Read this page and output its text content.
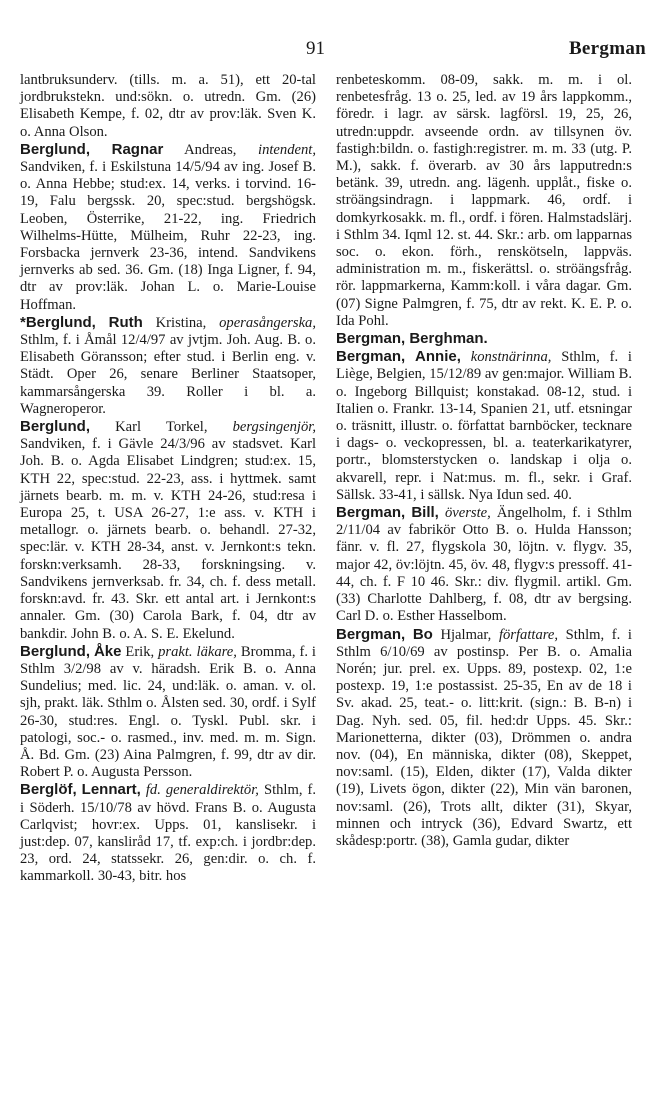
91	Bergman

lantbruksunderv. (tills. m. a. 51), ett 20-tal jordbrukstekn. und:sökn. o. utredn. Gm. (26) Elisabeth Kempe, f. 02, dtr av prov:läk. Sven K. o. Anna Olson.

Berglund, Ragnar Andreas, intendent, Sandviken, f. i Eskilstuna 14/5/94 av ing. Josef B. o. Anna Hebbe; stud:ex. 14, verks. i torvind. 16-19, Falu bergssk. 20, spec:stud. bergshögsk. Leoben, Österrike, 21-22, ing. Friedrich Wilhelms-Hütte, Mülheim, Ruhr 22-23, ing. Forsbacka jernverk 23-36, intend. Sandvikens jernverks ab sed. 36. Gm. (18) Inga Ligner, f. 94, dtr av prov:läk. Johan L. o. Marie-Louise Hoffman.

*Berglund, Ruth Kristina, operasångerska, Sthlm, f. i Åmål 12/4/97 av jvtjm. Joh. Aug. B. o. Elisabeth Göransson; efter stud. i Berlin eng. v. Städt. Oper 26, senare Berliner Staatsoper, kammarsångerska 39. Roller i bl. a. Wagneroperor.

Berglund, Karl Torkel, bergsingenjör, Sandviken, f. i Gävle 24/3/96 av stadsvet. Karl Joh. B. o. Agda Elisabet Lindgren; stud:ex. 15, KTH 22, spec:stud. 22-23, ass. i hyttmek. samt järnets bearb. m. m. v. KTH 24-26, stud:resa i Europa 25, t. USA 26-27, 1:e ass. v. KTH i metallogr. o. järnets bearb. o. behandl. 27-32, spec:lär. v. KTH 28-34, anst. v. Jernkont:s tekn. forskn:verksamh. 28-33, forskningsing. v. Sandvikens jernverksab. fr. 34, ch. f. dess metall. forskn:avd. fr. 43. Skr. ett antal art. i Jernkont:s annaler. Gm. (30) Carola Bark, f. 04, dtr av bankdir. John B. o. A. S. E. Ekelund.

Berglund, Åke Erik, prakt. läkare, Bromma, f. i Sthlm 3/2/98 av v. häradsh. Erik B. o. Anna Sundelius; med. lic. 24, und:läk. o. aman. v. ol. sjh, prakt. läk. Sthlm o. Ålsten sed. 30, ordf. i Sylf 26-30, stud:res. Engl. o. Tyskl. Publ. skr. i patologi, soc.- o. rasmed., inv. med. m. m. Sign. Å. Bd. Gm. (23) Aina Palmgren, f. 99, dtr av dir. Robert P. o. Augusta Persson.

Berglöf, Lennart, fd. generaldirektör, Sthlm, f. i Söderh. 15/10/78 av hövd. Frans B. o. Augusta Carlqvist; hovr:ex. Upps. 01, kanslisekr. i just:dep. 07, kansliråd 17, tf. exp:ch. i jordbr:dep. 23, ord. 24, statssekr. 26, gen:dir. o. ch. f. kammarkoll. 30-43, bitr. hos

renbeteskomm. 08-09, sakk. m. m. i ol. renbetesfråg. 13 o. 25, led. av 19 års lappkomm., föredr. i lagr. av särsk. lagförsl. 19, 25, 26, utredn:uppdr. avseende ordn. av tillsynen öv. fastigh:bildn. o. fastigh:registrer. m. m. 33 (utg. P. M.), sakk. f. överarb. av 30 års lapputredn:s betänk. 39, utredn. ang. lägenh. upplåt., fiske o. ströängsindragn. i lappmark. 46, ordf. i domkyrkosakk. m. fl., ordf. i fören. Halmstadslärj. i Sthlm 34. Iqml 12. st. 44. Skr.: arb. om lapparnas soc. o. ekon. förh., renskötseln, lappväs. administration m. m., fiskerättsl. o. ströängsfråg. rör. lappmarkerna, Kamm:koll. i våra dagar. Gm. (07) Signe Palmgren, f. 75, dtr av rekt. K. E. P. o. Ida Pohl.

Bergman, Berghman.

Bergman, Annie, konstnärinna, Sthlm, f. i Liège, Belgien, 15/12/89 av gen:major. William B. o. Ingeborg Billquist; konstakad. 08-12, stud. i Italien o. Frankr. 13-14, Spanien 21, utf. etsningar o. träsnitt, illustr. o. författat barnböcker, tecknare i dags- o. veckopressen, bl. a. teaterkarikatyrer, portr., blomsterstycken o. landskap i olja o. akvarell, repr. i Nat:mus. m. fl., sekr. i Graf. Sällsk. 33-41, i sällsk. Nya Idun sed. 40.

Bergman, Bill, överste, Ängelholm, f. i Sthlm 2/11/04 av fabrikör Otto B. o. Hulda Hansson; fänr. v. fl. 27, flygskola 30, löjtn. v. flygv. 35, major 42, öv:löjtn. 45, öv. 48, flygv:s pressoff. 41-44, ch. f. F 10 46. Skr.: div. flygmil. artikl. Gm. (33) Charlotte Dahlberg, f. 08, dtr av bergsing. Carl D. o. Esther Hasselbom.

Bergman, Bo Hjalmar, författare, Sthlm, f. i Sthlm 6/10/69 av postinsp. Per B. o. Amalia Norén; jur. prel. ex. Upps. 89, postexp. 02, 1:e postexp. 19, 1:e postassist. 25-35, En av de 18 i Sv. akad. 25, teat.- o. litt:krit. (sign.: B. B-n) i Dag. Nyh. sed. 05, fil. hed:dr Upps. 45. Skr.: Marionetterna, dikter (03), Drömmen o. andra nov. (04), En människa, dikter (08), Skeppet, nov:saml. (15), Elden, dikter (17), Valda dikter (19), Livets ögon, dikter (22), Min vän baronen, nov:saml. (26), Trots allt, dikter (31), Skyar, minnen och intryck (36), Edvard Swartz, ett skådesp:portr. (38), Gamla gudar, dikter
